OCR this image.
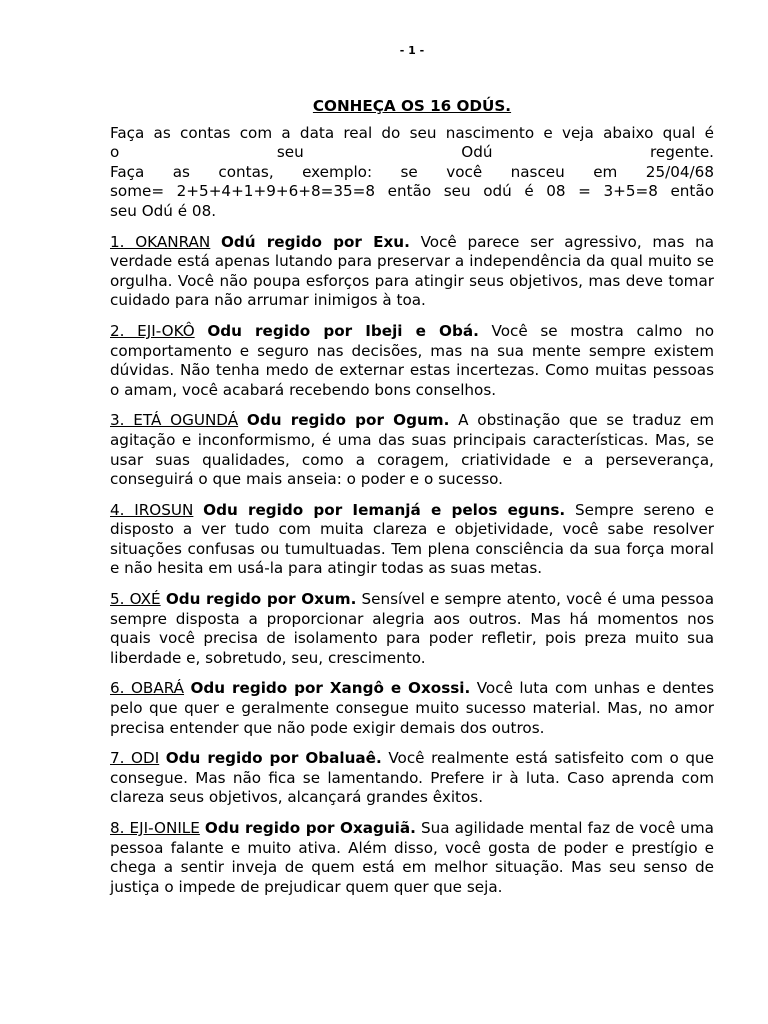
- 1 -
CONHEÇA OS 16 ODÚS.

Faça as contas com a data real do seu nascimento e veja abaixo qual é
o seu Odú regente.
Faça as contas, exemplo: se você nasceu em 25/04/68
some= 2+5+4+1+9+6+8=35=8 então seu odú é 08 = 3+5=8 então
seu Odú é 08.

1. OKANRAN Odú regido por Exu. Você parece ser agressivo, mas na verdade está apenas lutando para preservar a independência da qual muito se orgulha. Você não poupa esforços para atingir seus objetivos, mas deve tomar cuidado para não arrumar inimigos à toa.

2. EJI-OKÔ Odu regido por Ibeji e Obá. Você se mostra calmo no comportamento e seguro nas decisões, mas na sua mente sempre existem dúvidas. Não tenha medo de externar estas incertezas. Como muitas pessoas o amam, você acabará recebendo bons conselhos.

3. ETÁ OGUNDÁ Odu regido por Ogum. A obstinação que se traduz em agitação e inconformismo, é uma das suas principais características. Mas, se usar suas qualidades, como a coragem, criatividade e a perseverança, conseguirá o que mais anseia: o poder e o sucesso.

4. IROSUN Odu regido por Iemanjá e pelos eguns. Sempre sereno e disposto a ver tudo com muita clareza e objetividade, você sabe resolver situações confusas ou tumultuadas. Tem plena consciência da sua força moral e não hesita em usá-la para atingir todas as suas metas.

5. OXÉ Odu regido por Oxum. Sensível e sempre atento, você é uma pessoa sempre disposta a proporcionar alegria aos outros. Mas há momentos nos quais você precisa de isolamento para poder refletir, pois preza muito sua liberdade e, sobretudo, seu, crescimento.

6. OBARÁ Odu regido por Xangô e Oxossi. Você luta com unhas e dentes pelo que quer e geralmente consegue muito sucesso material. Mas, no amor precisa entender que não pode exigir demais dos outros.

7. ODI Odu regido por Obaluaê. Você realmente está satisfeito com o que consegue. Mas não fica se lamentando. Prefere ir à luta. Caso aprenda com clareza seus objetivos, alcançará grandes êxitos.

8. EJI-ONILE Odu regido por Oxaguiã. Sua agilidade mental faz de você uma pessoa falante e muito ativa. Além disso, você gosta de poder e prestígio e chega a sentir inveja de quem está em melhor situação. Mas seu senso de justiça o impede de prejudicar quem quer que seja.
